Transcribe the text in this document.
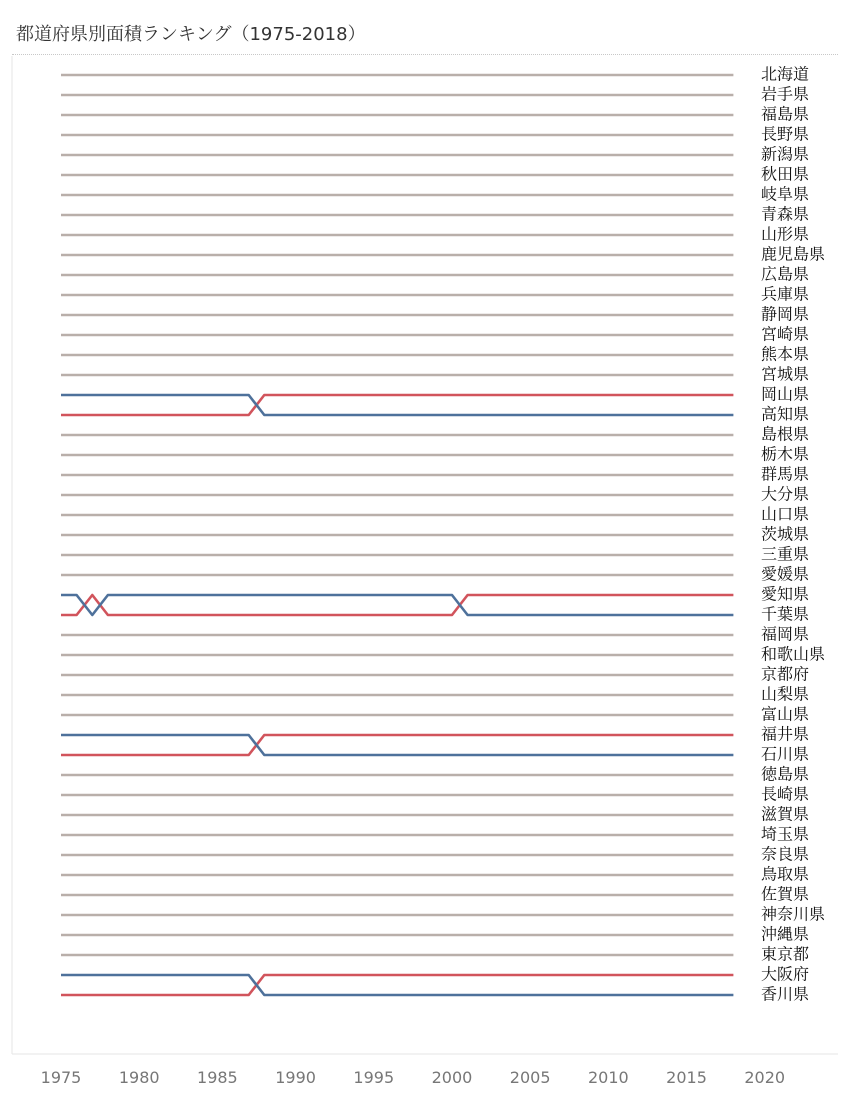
都道府県別面積ランキング（1975-2018）
北海道
岩手県
福島県
長野県
新潟県
秋田県
岐阜県
青森県
山形県
鹿児島県
広島県
兵庫県
静岡県
宮崎県
熊本県
宮城県
岡山県
高知県
島根県
栃木県
群馬県
大分県
山口県
茨城県
三重県
愛媛県
愛知県
千葉県
福岡県
和歌山県
京都府
山梨県
富山県
福井県
石川県
徳島県
長崎県
滋賀県
埼玉県
奈良県
鳥取県
佐賀県
神奈川県
沖縄県
東京都
大阪府
香川県
1975 1980 1985 1990 1995 2000 2005 2010 2015 2020
